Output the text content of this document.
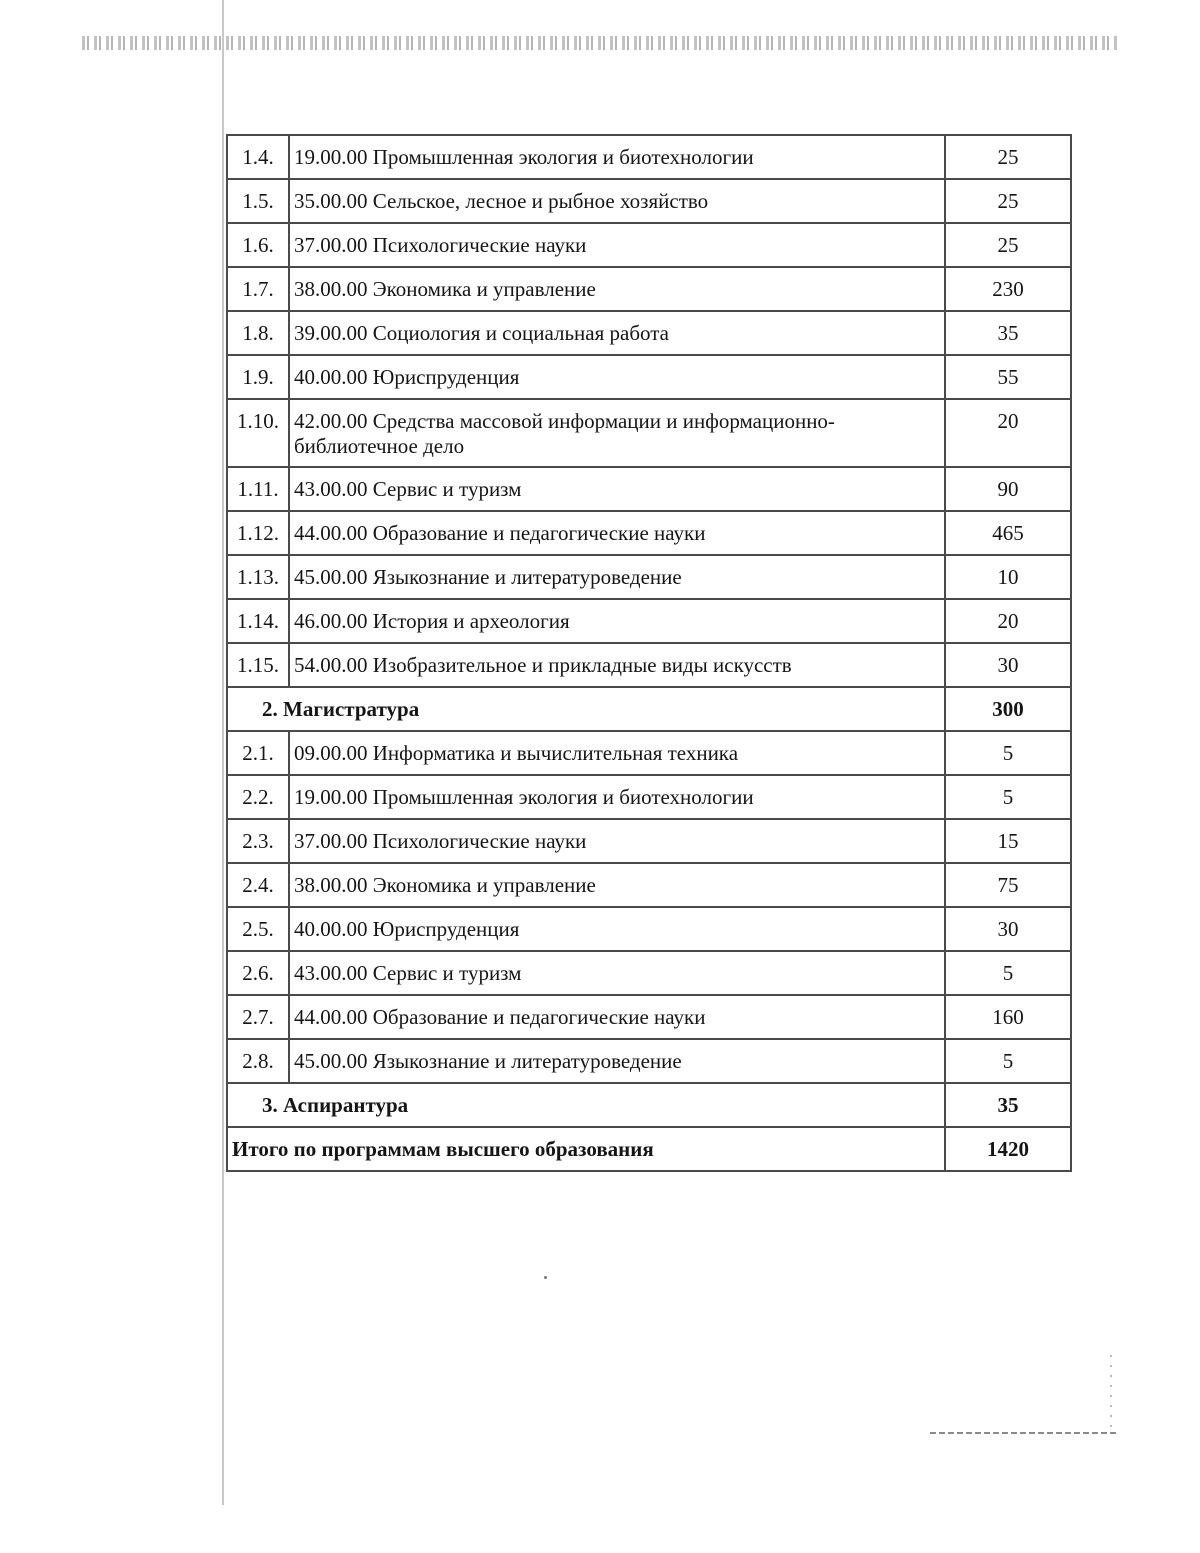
1.4.	19.00.00 Промышленная экология и биотехнологии	25
1.5.	35.00.00 Сельское, лесное и рыбное хозяйство	25
1.6.	37.00.00 Психологические науки	25
1.7.	38.00.00 Экономика и управление	230
1.8.	39.00.00 Социология и социальная работа	35
1.9.	40.00.00 Юриспруденция	55
1.10.	42.00.00 Средства массовой информации и информационно-библиотечное дело	20
1.11.	43.00.00 Сервис и туризм	90
1.12.	44.00.00 Образование и педагогические науки	465
1.13.	45.00.00 Языкознание и литературоведение	10
1.14.	46.00.00 История и археология	20
1.15.	54.00.00 Изобразительное и прикладные виды искусств	30
2. Магистратура		300
2.1.	09.00.00 Информатика и вычислительная техника	5
2.2.	19.00.00 Промышленная экология и биотехнологии	5
2.3.	37.00.00 Психологические науки	15
2.4.	38.00.00 Экономика и управление	75
2.5.	40.00.00 Юриспруденция	30
2.6.	43.00.00 Сервис и туризм	5
2.7.	44.00.00 Образование и педагогические науки	160
2.8.	45.00.00 Языкознание и литературоведение	5
3. Аспирантура		35
Итого по программам высшего образования		1420
